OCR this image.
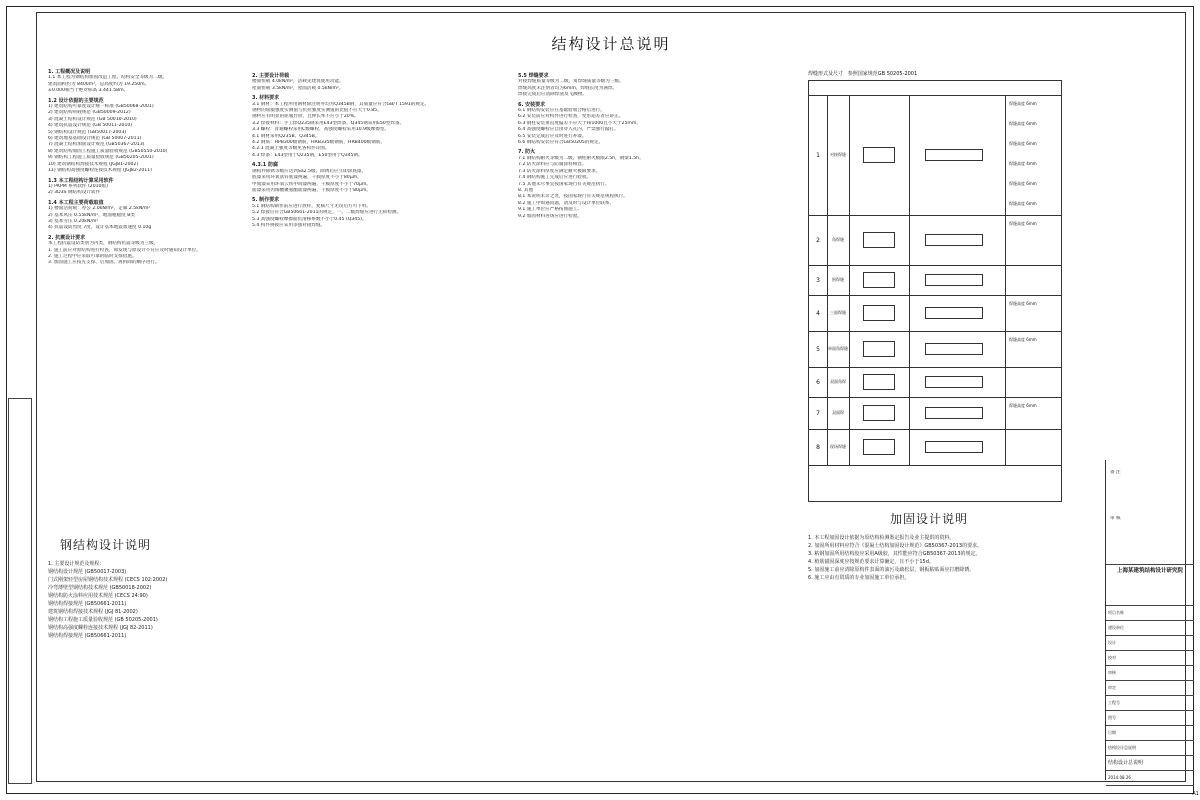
结构设计总说明
1. 工程概况及说明
1.1 本工程为钢结构加固改造工程，结构安全等级为二级。
建筑面积约为 8400m²，总高度约为 19.250m。
±0.000相当于绝对标高 3.441.58m。
1.2 设计依据的主要规范
1) 建筑结构可靠度设计统一标准 (GB50068-2001)
2) 建筑结构荷载规范 (GB50009-2012)
3) 混凝土结构设计规范 (GB 50010-2010)
4) 建筑抗震设计规范 (GB 50011-2010)
5) 钢结构设计规范 (GB50017-2003)
6) 建筑地基基础设计规范 (GB 50007-2011)
7) 混凝土结构加固设计规范 (GB50367-2013)
8) 建筑结构加固工程施工质量验收规范 (GB50550-2010)
9) 钢结构工程施工质量验收规范 (GB50205-2001)
10) 建筑钢结构焊接技术规程 (JGJ81-2002)
11) 钢结构高强度螺栓连接技术规程 (JGJ82-2011)
1.3 本工程结构计算采用软件
1) PKPM 系列软件 (2010版)
2) 3D3S 钢结构设计软件
1.4 本工程主要荷载取值
1) 楼面活荷载：办公 2.0kN/m²，走廊 2.5kN/m²
2) 基本风压 0.55kN/m²，地面粗糙度 B类
3) 基本雪压 0.20kN/m²
4) 抗震设防烈度 7度，设计基本地震加速度 0.10g
2. 抗震设计要求
本工程抗震设防类别为丙类，钢结构抗震等级为三级。
1. 施工前应对原结构进行检查，如发现与原设计不符应及时通知设计单位。
2. 施工过程中应采取可靠的临时支撑措施。
3. 加固施工应按先支撑、后加固、再拆除的顺序进行。
钢结构设计说明
1. 主要设计规范及规程：
钢结构设计规范 (GB50017-2003)
门式刚架轻型房屋钢结构技术规程 (CECS 102:2002)
冷弯薄壁型钢结构技术规范 (GB50018-2002)
钢结构防火涂料应用技术规范 (CECS 24:90)
钢结构焊接规范 (GB50661-2011)
建筑钢结构焊接技术规程 (JGJ 81-2002)
钢结构工程施工质量验收规范 (GB 50205-2001)
钢结构高强度螺栓连接技术规程 (JGJ 82-2011)
钢结构焊接规范 (GB50661-2011)
2. 主要设计荷载
楼面恒载 4.0kN/m²，活载见建筑使用功能。
屋面恒载 3.5kN/m²，屋面活载 0.5kN/m²。
3. 材料要求
3.1 钢材：本工程所用钢材除注明外均为Q345B钢，其质量应符合GB/T 1591的规定。
钢材的屈服强度实测值与抗拉强度实测值的比值不应大于0.85。
钢材应有明显的屈服台阶，且伸长率不应小于20%。
3.2 焊接材料：手工焊Q235钢采用E43型焊条，Q345钢采用E50型焊条。
3.3 螺栓：普通螺栓采用C级螺栓，高强度螺栓采用10.9级摩擦型。
4.1 钢材采用Q235B、Q345B。
4.2 钢筋：HPB300级钢筋，HRB335级钢筋，HRB400级钢筋。
4.2.1 混凝土强度等级见各构件详图。
4.3 焊条：E43型用于Q235钢，E50型用于Q345钢。
4.3.1 防腐
钢构件除锈等级应达到Sa2.5级，除锈后应立即涂底漆。
底漆采用环氧富锌底漆两遍，干膜厚度不小于80μm。
中间漆采用环氧云铁中间漆两遍，干膜厚度不小于70μm。
面漆采用丙烯酸聚氨酯面漆两遍，干膜厚度不小于80μm。
5. 制作要求
5.1 钢结构制作前应进行放样，复核尺寸无误后方可下料。
5.2 焊接应符合GB50661-2011的规定，一、二级焊缝应进行无损检测。
5.3 高强度螺栓摩擦面抗滑移系数不小于0.45 (Q345)。
5.4 构件拼接应采用等强对接焊缝。
5.5 焊缝要求
对接焊缝质量等级为二级，角焊缝质量等级为三级。
焊缝高度未注明者均为6mm，焊缝长度为满焊。
焊接完成后应清除焊渣及飞溅物。
6. 安装要求
6.1 钢结构安装应在基础验收合格后进行。
6.2 安装前应对构件进行检查，变形超差者应矫正。
6.3 钢柱安装垂直度偏差不应大于H/1000且不大于25mm。
6.4 高强度螺栓应自由穿入孔内，严禁强行敲打。
6.5 安装完成后应及时进行补漆。
6.6 钢结构安装应符合GB50205的规定。
7. 防火
7.1 钢结构耐火等级为二级，钢柱耐火极限2.5h，钢梁1.5h。
7.2 防火涂料应与防腐涂料相容。
7.3 防火涂料厚度应满足耐火极限要求。
7.4 钢结构施工完成后应进行验收。
7.5 其他未尽事宜按国家现行有关规范执行。
8. 其他
8.1 本说明未详之处，按国家现行有关规范规程执行。
8.2 施工中如遇问题，请及时与设计单位联系。
9.1 施工单位应严格按图施工。
9.2 加固材料进场应进行检验。
焊缝形式及尺寸 参照国家规范GB 50205-2001
1	对接焊缝
焊缝高度 6mm
焊缝高度 6mm
焊缝高度 6mm
焊缝高度 4mm
焊缝高度 6mm
焊缝高度 6mm
2	角焊缝
焊缝高度 6mm
3	围焊缝
4	三面焊缝
焊缝高度 6mm
5	单面角焊缝
焊缝高度 6mm
6	双面角焊
7	双面焊
焊缝高度 6mm
8	现场焊缝
加固设计说明
1. 本工程加固设计依据为原结构检测鉴定报告及业主提供的资料。
2. 加固所用材料应符合《混凝土结构加固设计规范》GB50367-2013的要求。
3. 粘钢加固所用结构胶应采用A级胶，其性能应符合GB50367-2013的规定。
4. 植筋锚固深度应按规范要求计算确定，且不小于15d。
5. 加固施工前应清除原构件表面的油污及疏松层，钢板粘贴面应打磨除锈。
6. 施工应由有资质的专业加固施工单位承担。
备 注
审 核
上海某建筑结构设计研究院
项目名称
建设单位
设计
校对
审核
审定
工程号
图号
日期
结构设计总说明
结构设计总说明
2014.08.26
A1
